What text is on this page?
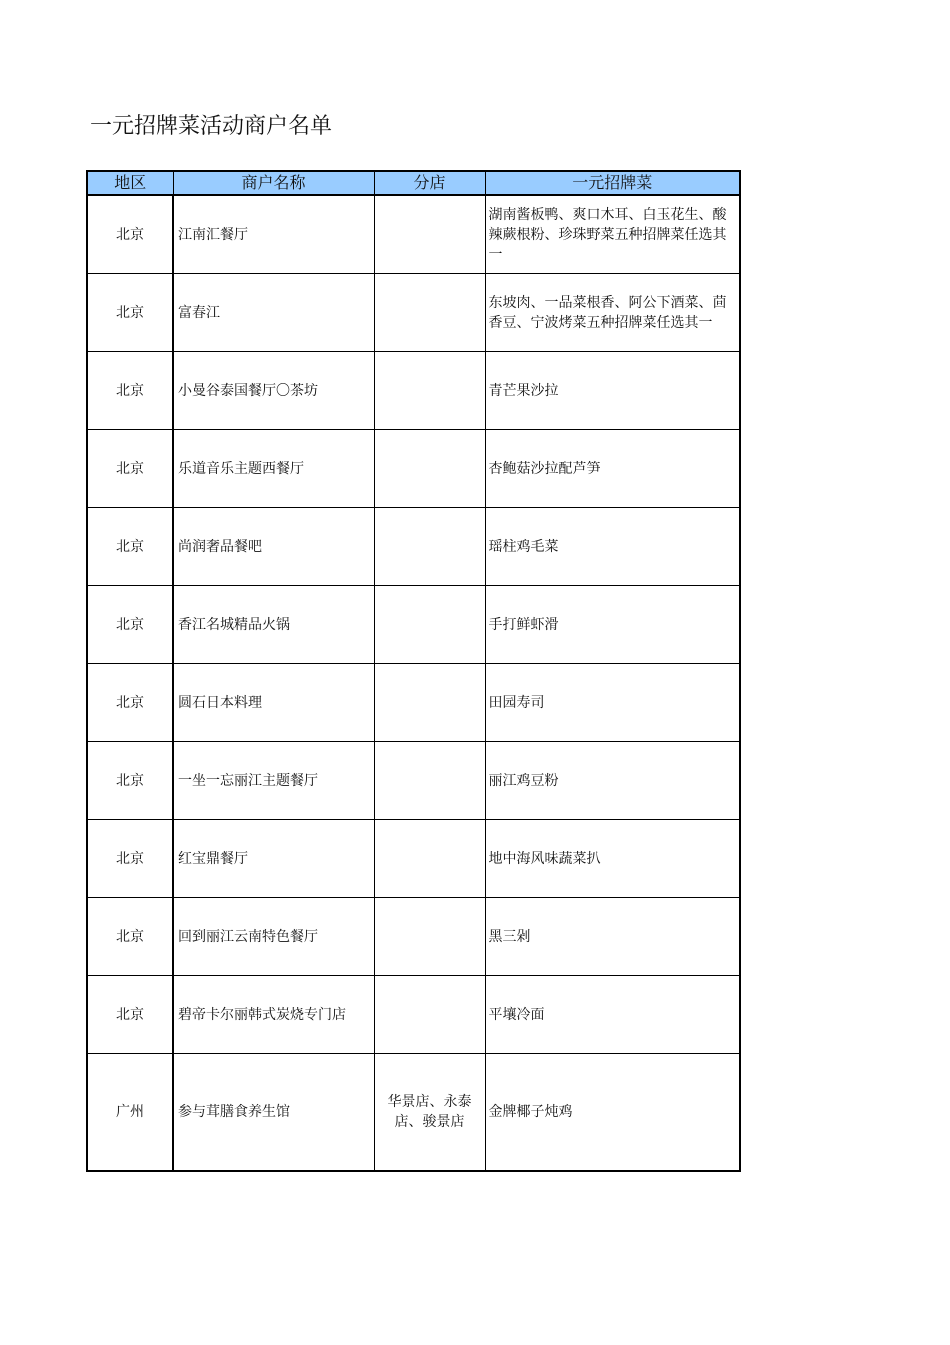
一元招牌菜活动商户名单
地区	商户名称	分店	一元招牌菜
北京	江南汇餐厅		湖南酱板鸭、爽口木耳、白玉花生、酸辣蕨根粉、珍珠野菜五种招牌菜任选其一
北京	富春江		东坡肉、一品菜根香、阿公下酒菜、茴香豆、宁波烤菜五种招牌菜任选其一
北京	小曼谷泰国餐厅〇茶坊		青芒果沙拉
北京	乐道音乐主题西餐厅		杏鲍菇沙拉配芦笋
北京	尚润奢品餐吧		瑶柱鸡毛菜
北京	香江名城精品火锅		手打鲜虾滑
北京	圆石日本料理		田园寿司
北京	一坐一忘丽江主题餐厅		丽江鸡豆粉
北京	红宝鼎餐厅		地中海风味蔬菜扒
北京	回到丽江云南特色餐厅		黑三剁
北京	碧帝卡尔丽韩式炭烧专门店		平壤冷面
广州	参与茸膳食养生馆	华景店、永泰店、骏景店	金牌椰子炖鸡
